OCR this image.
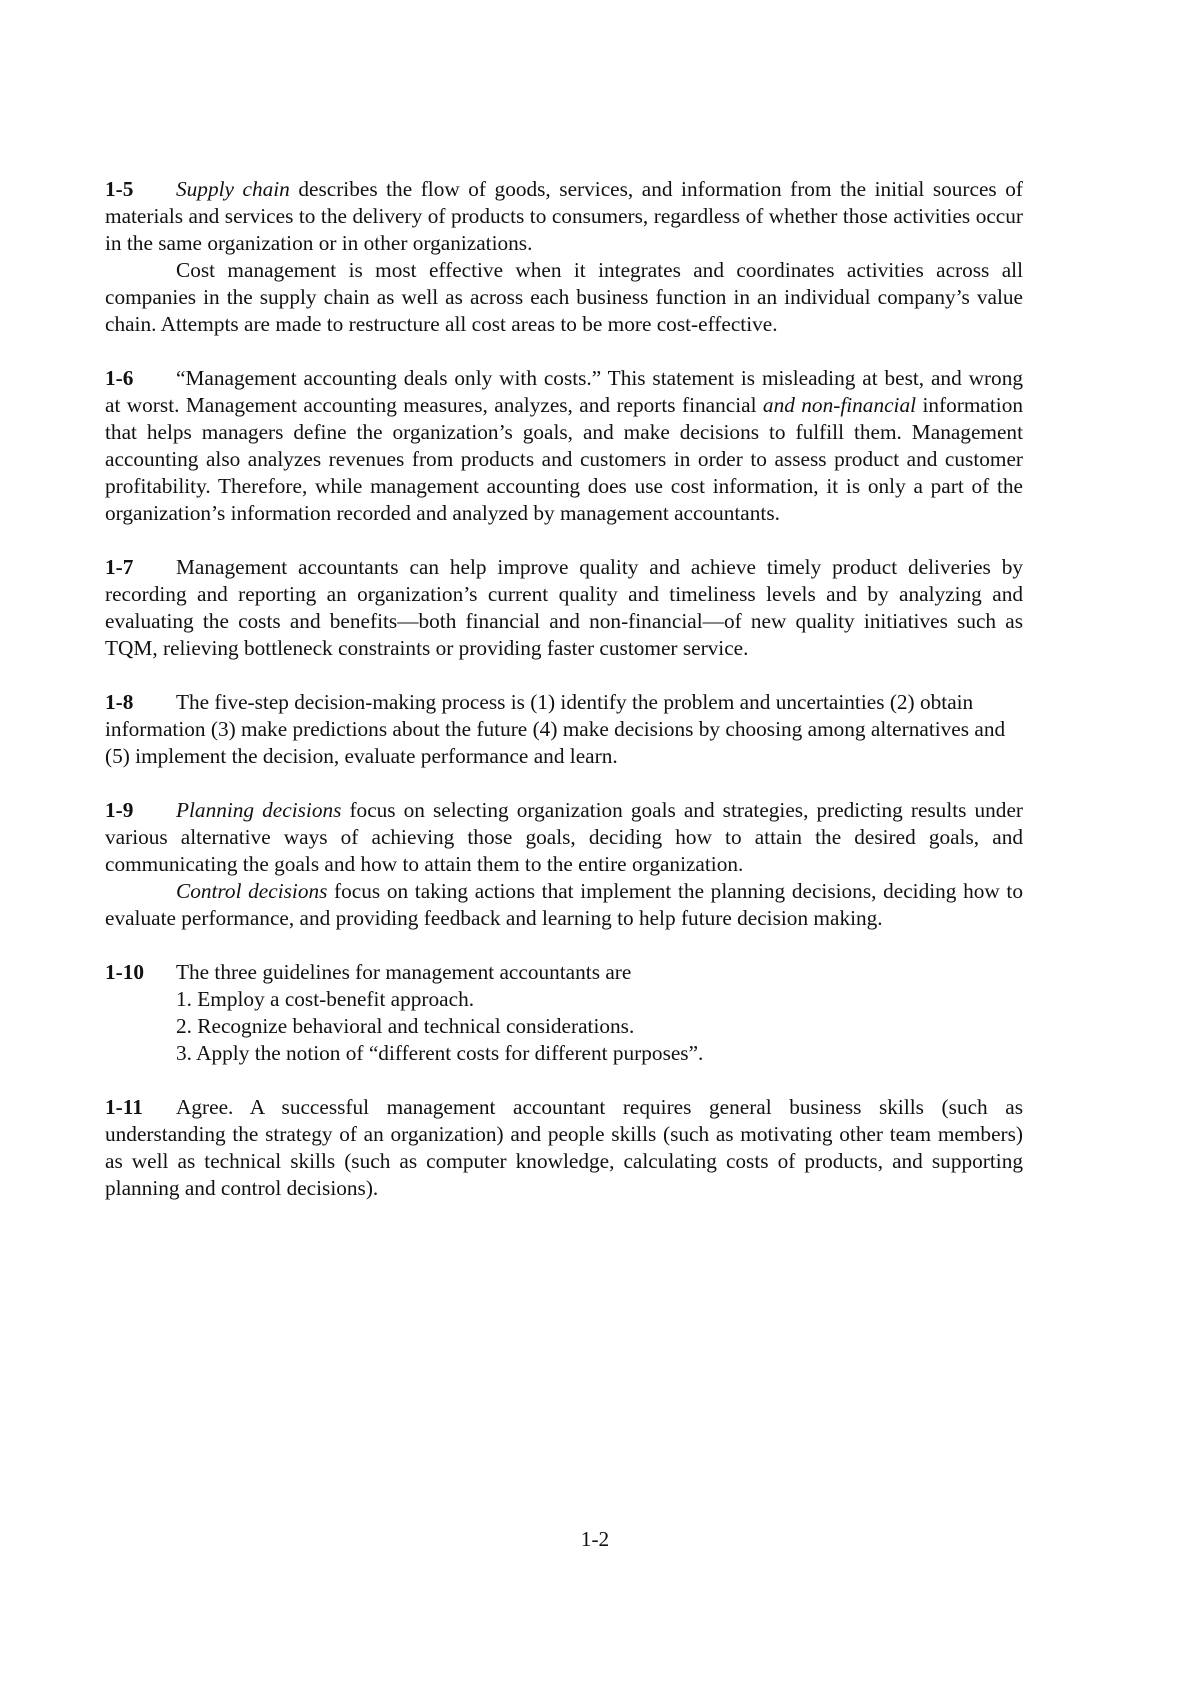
1-5 Supply chain describes the flow of goods, services, and information from the initial sources of materials and services to the delivery of products to consumers, regardless of whether those activities occur in the same organization or in other organizations.

Cost management is most effective when it integrates and coordinates activities across all companies in the supply chain as well as across each business function in an individual company’s value chain. Attempts are made to restructure all cost areas to be more cost-effective.

1-6 “Management accounting deals only with costs.” This statement is misleading at best, and wrong at worst. Management accounting measures, analyzes, and reports financial and non-financial information that helps managers define the organization’s goals, and make decisions to fulfill them. Management accounting also analyzes revenues from products and customers in order to assess product and customer profitability. Therefore, while management accounting does use cost information, it is only a part of the organization’s information recorded and analyzed by management accountants.

1-7 Management accountants can help improve quality and achieve timely product deliveries by recording and reporting an organization’s current quality and timeliness levels and by analyzing and evaluating the costs and benefits—both financial and non-financial—of new quality initiatives such as TQM, relieving bottleneck constraints or providing faster customer service.

1-8 The five-step decision-making process is (1) identify the problem and uncertainties (2) obtain information (3) make predictions about the future (4) make decisions by choosing among alternatives and (5) implement the decision, evaluate performance and learn.

1-9 Planning decisions focus on selecting organization goals and strategies, predicting results under various alternative ways of achieving those goals, deciding how to attain the desired goals, and communicating the goals and how to attain them to the entire organization.

Control decisions focus on taking actions that implement the planning decisions, deciding how to evaluate performance, and providing feedback and learning to help future decision making.

1-10 The three guidelines for management accountants are

1. Employ a cost-benefit approach.
2. Recognize behavioral and technical considerations.
3. Apply the notion of “different costs for different purposes”.

1-11 Agree. A successful management accountant requires general business skills (such as understanding the strategy of an organization) and people skills (such as motivating other team members) as well as technical skills (such as computer knowledge, calculating costs of products, and supporting planning and control decisions).

1-2
